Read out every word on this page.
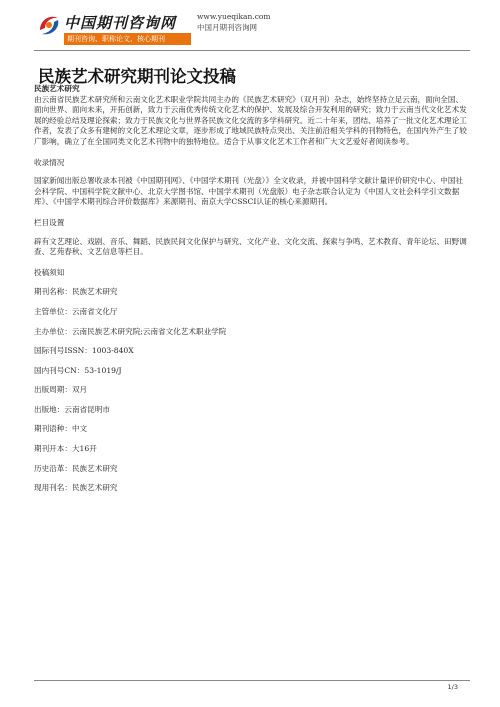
中国期刊咨询网
期刊咨询、职称论文、核心期刊
www.yueqikan.com
中国月期刊咨询网
民族艺术研究期刊论文投稿

民族艺术研究

由云南省民族艺术研究所和云南文化艺术职业学院共同主办的《民族艺术研究》（双月刊）杂志，始终坚持立足云南，面向全国、面向世界、面向未来，开拓创新，致力于云南优秀传统文化艺术的保护、发展及综合开发利用的研究；致力于云南当代文化艺术发展的经验总结及理论探索；致力于民族文化与世界各民族文化交流的多学科研究。近二十年来，团结、培养了一批文化艺术理论工作者，发表了众多有建树的文化艺术理论文章，逐步形成了地域民族特点突出、关注前沿相关学科的刊物特色，在国内外产生了较广影响，确立了在全国同类文化艺术刊物中的独特地位。适合于从事文化艺术工作者和广大文艺爱好者阅读参考。

收录情况

国家新闻出版总署收录本刊被《中国期刊网》、《中国学术期刊（光盘）》全文收录，并被中国科学文献计量评价研究中心、中国社会科学院、中国科学院文献中心、北京大学图书馆、中国学术期刊（光盘版）电子杂志联合认定为《中国人文社会科学引文数据库》、《中国学术期刊综合评价数据库》来源期刊、南京大学CSSCI认证的核心来源期刊。

栏目设置

辟有文艺理论、戏剧、音乐、舞蹈、民族民间文化保护与研究、文化产业、文化交流、探索与争鸣、艺术教育、青年论坛、田野调查、艺苑春秋、文艺信息等栏目。

投稿须知

期刊名称：民族艺术研究

主管单位：云南省文化厅

主办单位：云南民族艺术研究院;云南省文化艺术职业学院

国际刊号ISSN：1003-840X

国内刊号CN：53-1019/J

出版周期：双月

出版地：云南省昆明市

期刊语种：中文

期刊开本：大16开

历史沿革：民族艺术研究

现用刊名：民族艺术研究

1/3
